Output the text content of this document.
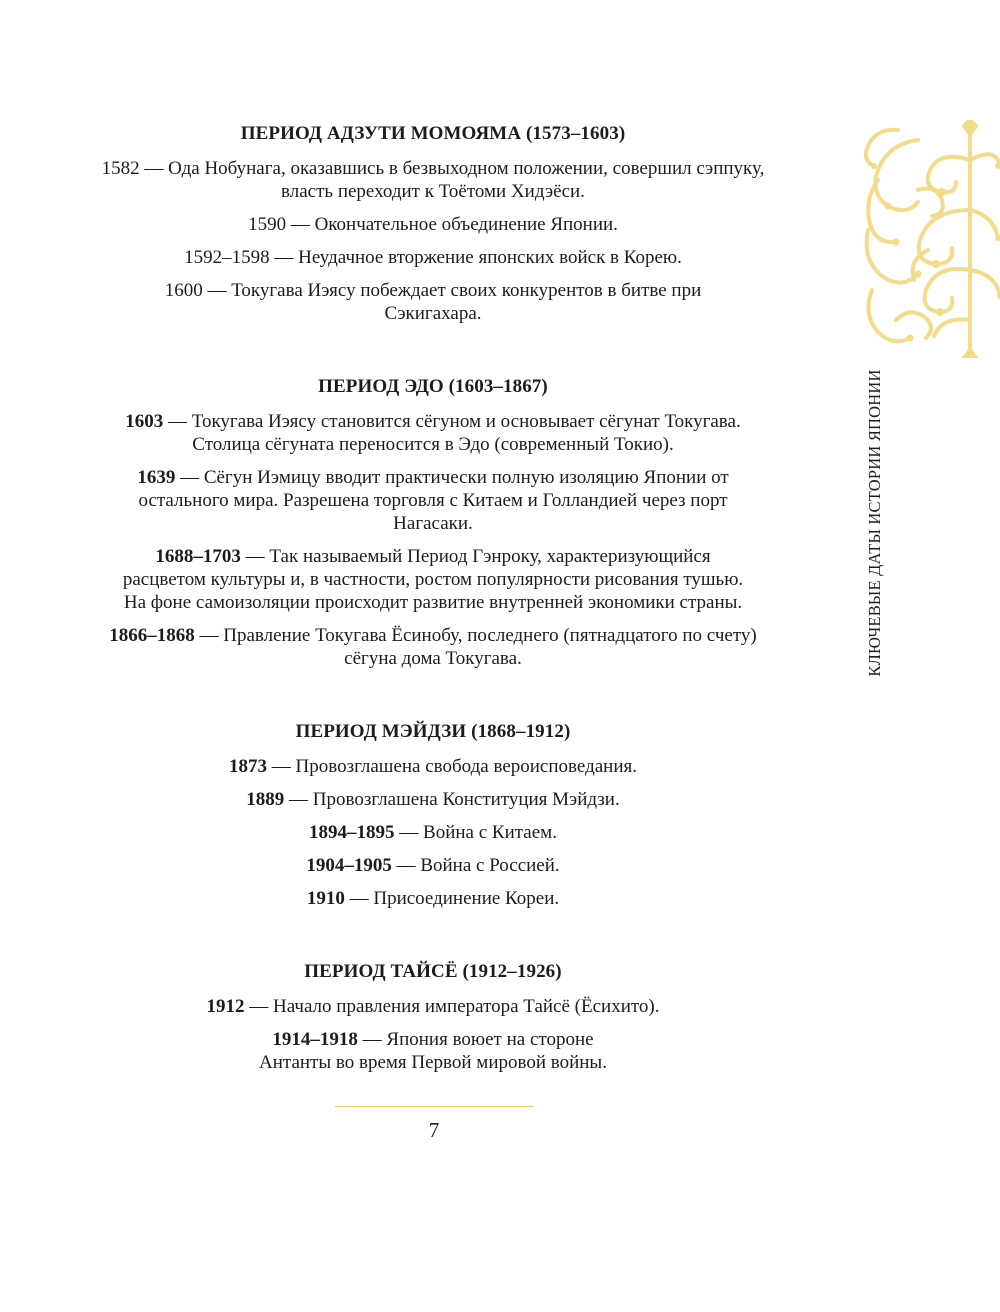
КЛЮЧЕВЫЕ ДАТЫ ИСТОРИИ ЯПОНИИ
ПЕРИОД АДЗУТИ МОМОЯМА (1573–1603)

1582 — Ода Нобунага, оказавшись в безвыходном положении, совершил сэппуку, власть переходит к Тоётоми Хидэёси.

1590 — Окончательное объединение Японии.

1592–1598 — Неудачное вторжение японских войск в Корею.

1600 — Токугава Иэясу побеждает своих конкурентов в битве при Сэкигахара.

ПЕРИОД ЭДО (1603–1867)

1603 — Токугава Иэясу становится сёгуном и основывает сёгунат Токугава. Столица сёгуната переносится в Эдо (современный Токио).

1639 — Сёгун Иэмицу вводит практически полную изоляцию Японии от остального мира. Разрешена торговля с Китаем и Голландией через порт Нагасаки.

1688–1703 — Так называемый Период Гэнроку, характеризующийся расцветом культуры и, в частности, ростом популярности рисования тушью. На фоне самоизоляции происходит развитие внутренней экономики страны.

1866–1868 — Правление Токугава Ёсинобу, последнего (пятнадцатого по счету) сёгуна дома Токугава.

ПЕРИОД МЭЙДЗИ (1868–1912)

1873 — Провозглашена свобода вероисповедания.

1889 — Провозглашена Конституция Мэйдзи.

1894–1895 — Война с Китаем.

1904–1905 — Война с Россией.

1910 — Присоединение Кореи.

ПЕРИОД ТАЙСЁ (1912–1926)

1912 — Начало правления императора Тайсё (Ёсихито).

1914–1918 — Япония воюет на стороне Антанты во время Первой мировой войны.

7
